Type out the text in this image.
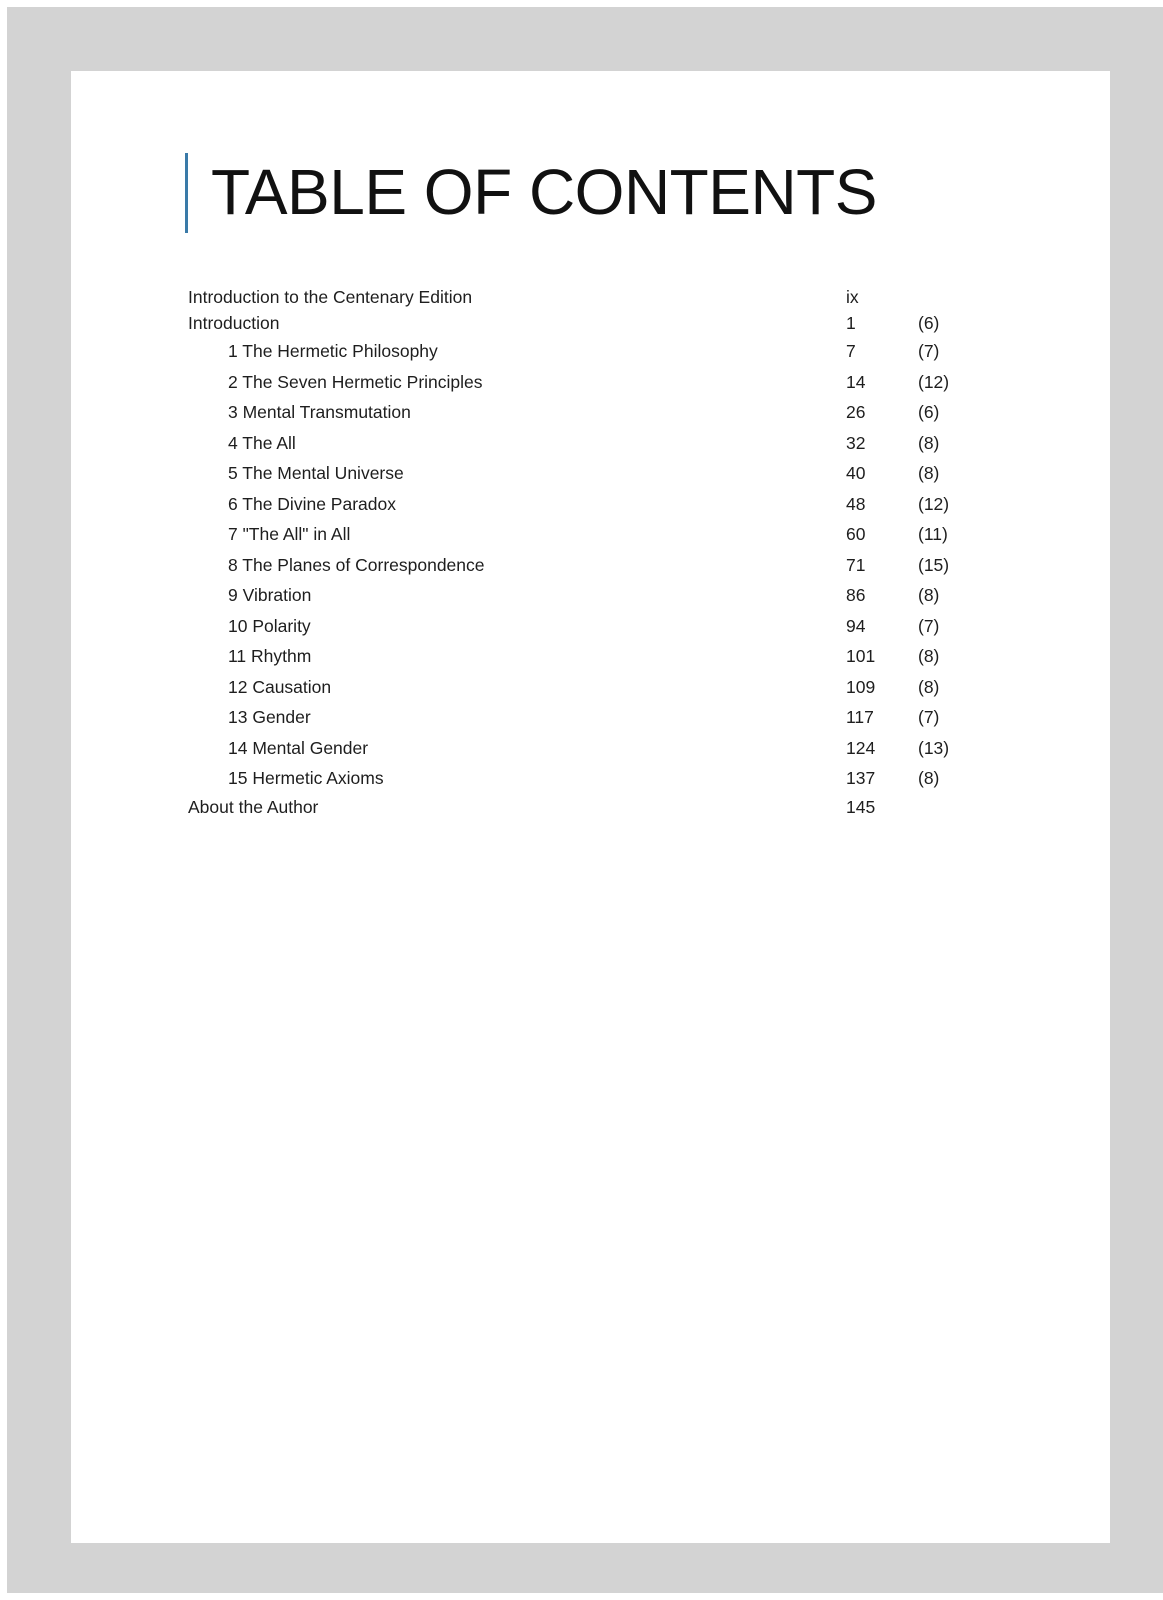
TABLE OF CONTENTS
Introduction to the Centenary Edition	ix
Introduction	1	(6)
1 The Hermetic Philosophy	7	(7)
2 The Seven Hermetic Principles	14	(12)
3 Mental Transmutation	26	(6)
4 The All	32	(8)
5 The Mental Universe	40	(8)
6 The Divine Paradox	48	(12)
7 "The All" in All	60	(11)
8 The Planes of Correspondence	71	(15)
9 Vibration	86	(8)
10 Polarity	94	(7)
11 Rhythm	101 (8)
12 Causation	109 (8)
13 Gender	117	(7)
14 Mental Gender	124 (13)
15 Hermetic Axioms	137 (8)
About the Author	145
